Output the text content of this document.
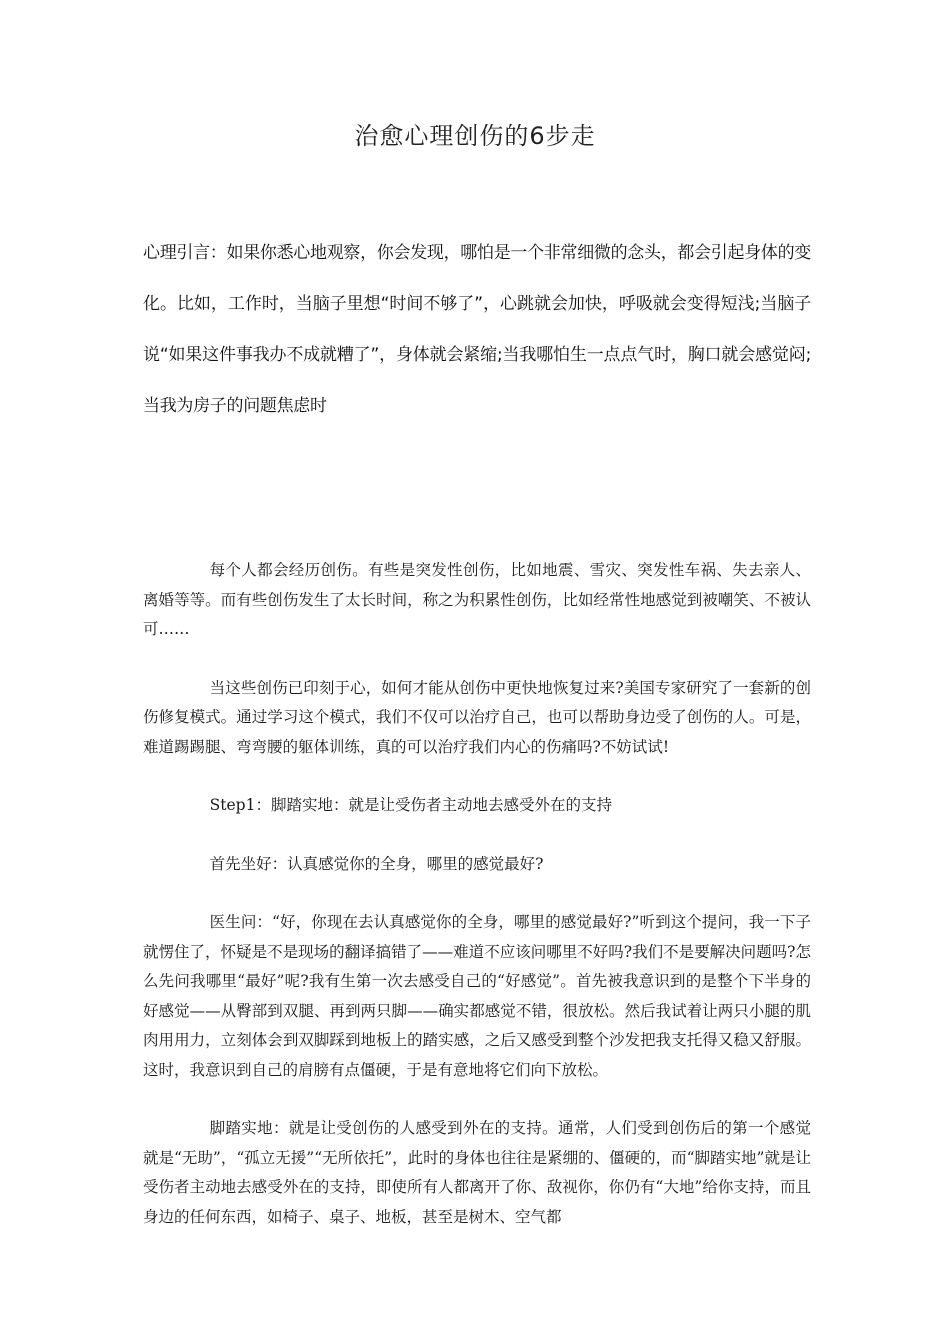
治愈心理创伤的6步走

心理引言：如果你悉心地观察，你会发现，哪怕是一个非常细微的念头，都会引起身体的变化。比如，工作时，当脑子里想“时间不够了”，心跳就会加快，呼吸就会变得短浅;当脑子说“如果这件事我办不成就糟了”，身体就会紧缩;当我哪怕生一点点气时，胸口就会感觉闷;当我为房子的问题焦虑时

每个人都会经历创伤。有些是突发性创伤，比如地震、雪灾、突发性车祸、失去亲人、离婚等等。而有些创伤发生了太长时间，称之为积累性创伤，比如经常性地感觉到被嘲笑、不被认可……

当这些创伤已印刻于心，如何才能从创伤中更快地恢复过来?美国专家研究了一套新的创伤修复模式。通过学习这个模式，我们不仅可以治疗自己，也可以帮助身边受了创伤的人。可是，难道踢踢腿、弯弯腰的躯体训练，真的可以治疗我们内心的伤痛吗?不妨试试!

Step1：脚踏实地：就是让受伤者主动地去感受外在的支持

首先坐好：认真感觉你的全身，哪里的感觉最好?

医生问：“好，你现在去认真感觉你的全身，哪里的感觉最好?”听到这个提问，我一下子就愣住了，怀疑是不是现场的翻译搞错了——难道不应该问哪里不好吗?我们不是要解决问题吗?怎么先问我哪里“最好”呢?我有生第一次去感受自己的“好感觉”。首先被我意识到的是整个下半身的好感觉——从臀部到双腿、再到两只脚——确实都感觉不错，很放松。然后我试着让两只小腿的肌肉用用力，立刻体会到双脚踩到地板上的踏实感，之后又感受到整个沙发把我支托得又稳又舒服。这时，我意识到自己的肩膀有点僵硬，于是有意地将它们向下放松。

脚踏实地：就是让受创伤的人感受到外在的支持。通常，人们受到创伤后的第一个感觉就是“无助”，“孤立无援”“无所依托”，此时的身体也往往是紧绷的、僵硬的，而“脚踏实地”就是让受伤者主动地去感受外在的支持，即使所有人都离开了你、敌视你，你仍有“大地”给你支持，而且身边的任何东西，如椅子、桌子、地板，甚至是树木、空气都
